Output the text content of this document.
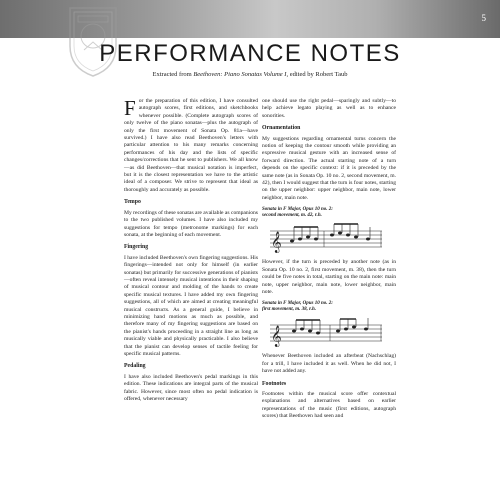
5
PERFORMANCE NOTES
Extracted from Beethoven: Piano Sonatas Volume I, edited by Robert Taub

For the preparation of this edition, I have consulted autograph scores, first editions, and sketchbooks whenever possible. (Complete autograph scores of only twelve of the piano sonatas—plus the autograph of only the first movement of Sonata Op. 81a—have survived.) I have also read Beethoven's letters with particular attention to his many remarks concerning performances of his day and the lists of specific changes/corrections that he sent to publishers. We all know—as did Beethoven—that musical notation is imperfect, but it is the closest representation we have to the artistic ideal of a composer. We strive to represent that ideal as thoroughly and accurately as possible.

Tempo

My recordings of these sonatas are available as companions to the two published volumes. I have also included my suggestions for tempo (metronome markings) for each sonata, at the beginning of each movement.

Fingering

I have included Beethoven's own fingering suggestions. His fingerings—intended not only for himself (in earlier sonatas) but primarily for successive generations of pianists—often reveal intensely musical intentions in their shaping of musical contour and molding of the hands to create specific musical textures. I have added my own fingering suggestions, all of which are aimed at creating meaningful musical constructs. As a general guide, I believe in minimizing hand motions as much as possible, and therefore many of my fingering suggestions are based on the pianist's hands proceeding in a straight line as long as musically viable and physically practicable. I also believe that the pianist can develop senses of tactile feeling for specific musical patterns.

Pedaling

I have also included Beethoven's pedal markings in this edition. These indications are integral parts of the musical fabric. However, since most often no pedal indication is offered, whenever necessary

one should use the right pedal—sparingly and subtly—to help achieve legato playing as well as to enhance sonorities.

Ornamentation

My suggestions regarding ornamental turns concern the notion of keeping the contour smooth while providing an expressive musical gesture with an increased sense of forward direction. The actual starting note of a turn depends on the specific context: if it is preceded by the same note (as in Sonata Op. 10 no. 2, second movement, m. 42), then I would suggest that the turn is four notes, starting on the upper neighbor: upper neighbor, main note, lower neighbor, main note.

Sonata in F Major, Opus 10 no. 2:
second movement, m. 42, r.h.
𝄞

However, if the turn is preceded by another note (as in Sonata Op. 10 no. 2, first movement, m. 38), then the turn could be five notes in total, starting on the main note: main note, upper neighbor, main note, lower neighbor, main note.

Sonata in F Major, Opus 10 no. 2:
first movement, m. 38, r.h.
𝄞

Whenever Beethoven included an afterbeat (Nachschlag) for a trill, I have included it as well. When he did not, I have not added any.

Footnotes

Footnotes within the musical score offer contextual explanations and alternatives based on earlier representations of the music (first editions, autograph scores) that Beethoven had seen and
